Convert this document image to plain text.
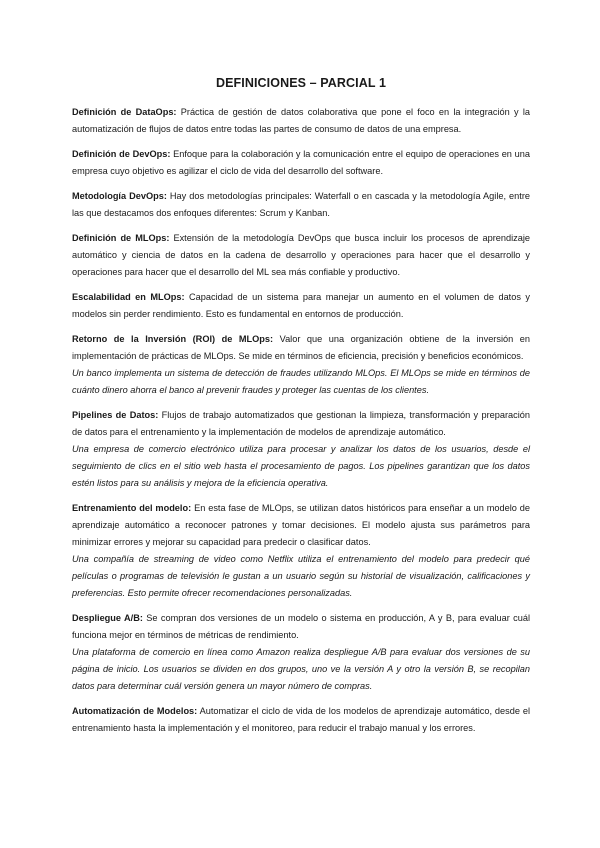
DEFINICIONES – PARCIAL 1
Definición de DataOps: Práctica de gestión de datos colaborativa que pone el foco en la integración y la automatización de flujos de datos entre todas las partes de consumo de datos de una empresa.
Definición de DevOps: Enfoque para la colaboración y la comunicación entre el equipo de operaciones en una empresa cuyo objetivo es agilizar el ciclo de vida del desarrollo del software.
Metodología DevOps: Hay dos metodologías principales: Waterfall o en cascada y la metodología Agile, entre las que destacamos dos enfoques diferentes: Scrum y Kanban.
Definición de MLOps: Extensión de la metodología DevOps que busca incluir los procesos de aprendizaje automático y ciencia de datos en la cadena de desarrollo y operaciones para hacer que el desarrollo y operaciones para hacer que el desarrollo del ML sea más confiable y productivo.
Escalabilidad en MLOps: Capacidad de un sistema para manejar un aumento en el volumen de datos y modelos sin perder rendimiento. Esto es fundamental en entornos de producción.
Retorno de la Inversión (ROI) de MLOps: Valor que una organización obtiene de la inversión en implementación de prácticas de MLOps. Se mide en términos de eficiencia, precisión y beneficios económicos.
Un banco implementa un sistema de detección de fraudes utilizando MLOps. El MLOps se mide en términos de cuánto dinero ahorra el banco al prevenir fraudes y proteger las cuentas de los clientes.
Pipelines de Datos: Flujos de trabajo automatizados que gestionan la limpieza, transformación y preparación de datos para el entrenamiento y la implementación de modelos de aprendizaje automático.
Una empresa de comercio electrónico utiliza para procesar y analizar los datos de los usuarios, desde el seguimiento de clics en el sitio web hasta el procesamiento de pagos. Los pipelines garantizan que los datos estén listos para su análisis y mejora de la eficiencia operativa.
Entrenamiento del modelo: En esta fase de MLOps, se utilizan datos históricos para enseñar a un modelo de aprendizaje automático a reconocer patrones y tomar decisiones. El modelo ajusta sus parámetros para minimizar errores y mejorar su capacidad para predecir o clasificar datos.
Una compañía de streaming de video como Netflix utiliza el entrenamiento del modelo para predecir qué películas o programas de televisión le gustan a un usuario según su historial de visualización, calificaciones y preferencias. Esto permite ofrecer recomendaciones personalizadas.
Despliegue A/B: Se compran dos versiones de un modelo o sistema en producción, A y B, para evaluar cuál funciona mejor en términos de métricas de rendimiento.
Una plataforma de comercio en línea como Amazon realiza despliegue A/B para evaluar dos versiones de su página de inicio. Los usuarios se dividen en dos grupos, uno ve la versión A y otro la versión B, se recopilan datos para determinar cuál versión genera un mayor número de compras.
Automatización de Modelos: Automatizar el ciclo de vida de los modelos de aprendizaje automático, desde el entrenamiento hasta la implementación y el monitoreo, para reducir el trabajo manual y los errores.
